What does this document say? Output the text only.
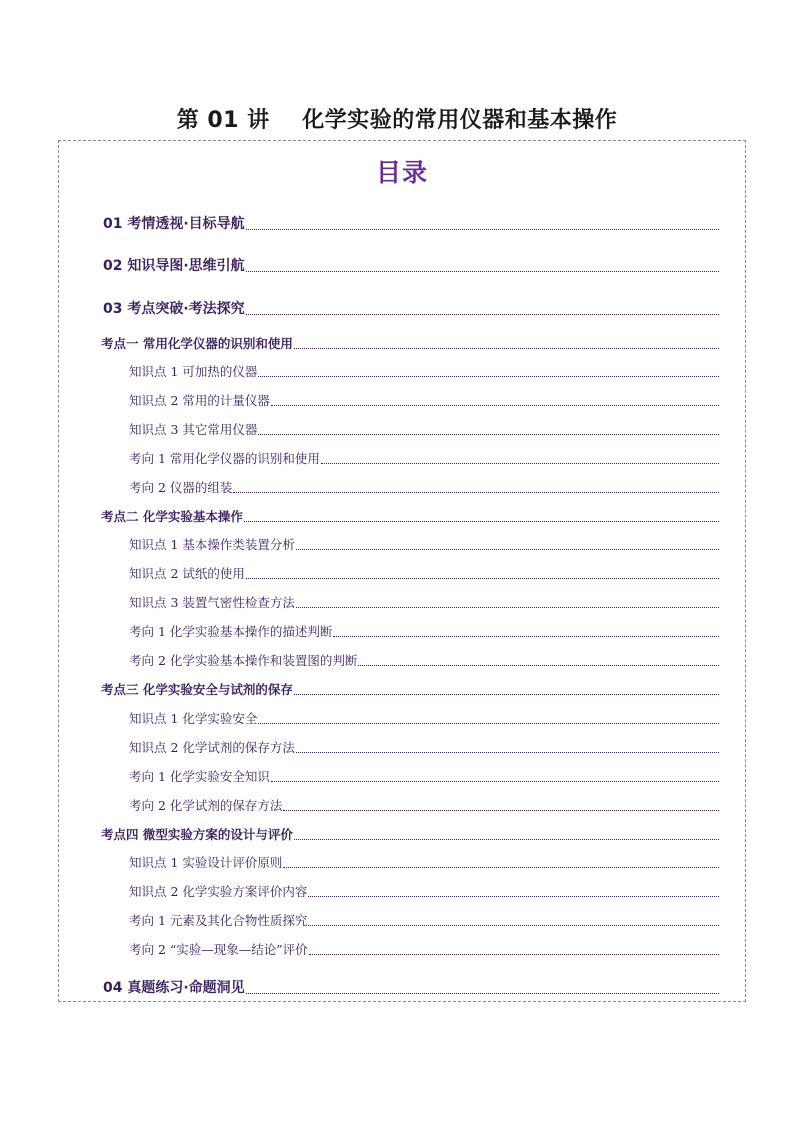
第 01 讲    化学实验的常用仪器和基本操作
目录
01 考情透视·目标导航
02 知识导图·思维引航
03 考点突破·考法探究
考点一 常用化学仪器的识别和使用
知识点 1 可加热的仪器
知识点 2 常用的计量仪器
知识点 3 其它常用仪器
考向 1 常用化学仪器的识别和使用
考向 2 仪器的组装
考点二 化学实验基本操作
知识点 1 基本操作类装置分析
知识点 2 试纸的使用
知识点 3 装置气密性检查方法
考向 1 化学实验基本操作的描述判断
考向 2 化学实验基本操作和装置图的判断
考点三 化学实验安全与试剂的保存
知识点 1 化学实验安全
知识点 2 化学试剂的保存方法
考向 1 化学实验安全知识
考向 2 化学试剂的保存方法
考点四 微型实验方案的设计与评价
知识点 1 实验设计评价原则
知识点 2 化学实验方案评价内容
考向 1 元素及其化合物性质探究
考向 2 “实验—现象—结论”评价
04 真题练习·命题洞见
